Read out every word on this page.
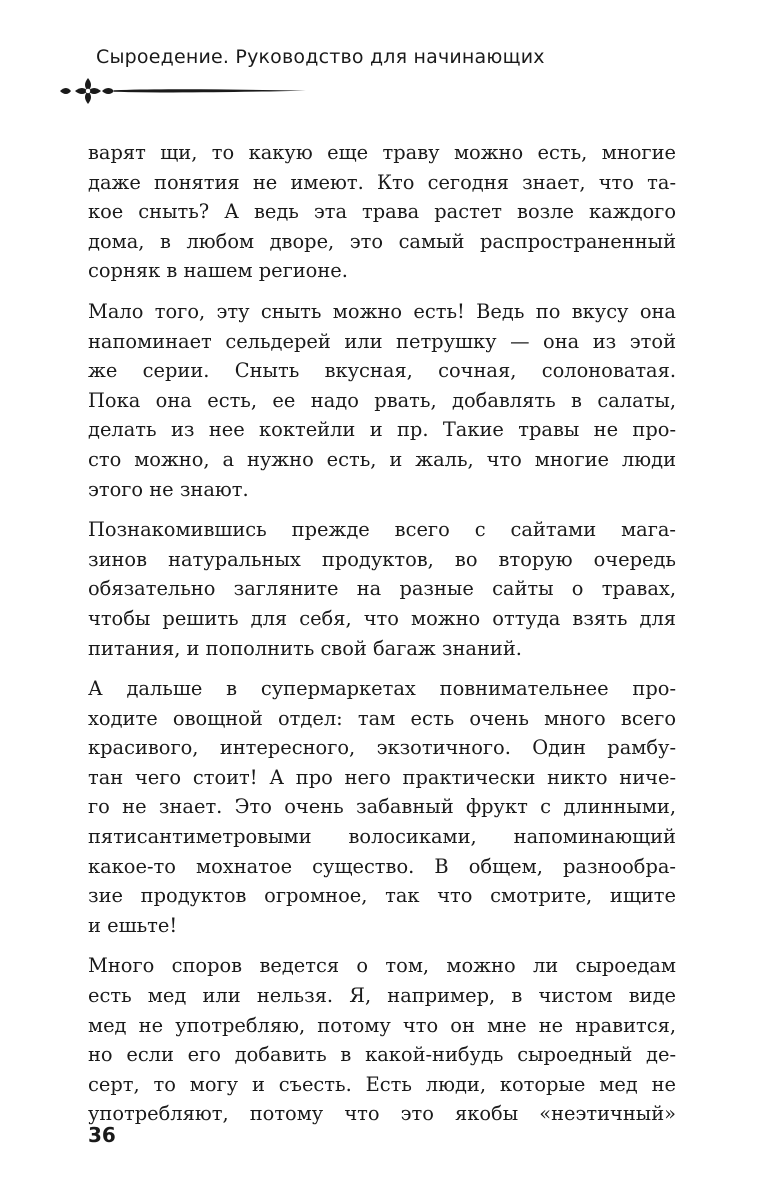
Сыроедение. Руководство для начинающих

варят щи, то какую еще траву можно есть, многие
даже понятия не имеют. Кто сегодня знает, что та-
кое сныть? А ведь эта трава растет возле каждого
дома, в любом дворе, это самый распространенный
сорняк в нашем регионе.

Мало того, эту сныть можно есть! Ведь по вкусу она
напоминает сельдерей или петрушку — она из этой
же серии. Сныть вкусная, сочная, солоноватая.
Пока она есть, ее надо рвать, добавлять в салаты,
делать из нее коктейли и пр. Такие травы не про-
сто можно, а нужно есть, и жаль, что многие люди
этого не знают.

Познакомившись прежде всего с сайтами мага-
зинов натуральных продуктов, во вторую очередь
обязательно загляните на разные сайты о травах,
чтобы решить для себя, что можно оттуда взять для
питания, и пополнить свой багаж знаний.

А дальше в супермаркетах повнимательнее про-
ходите овощной отдел: там есть очень много всего
красивого, интересного, экзотичного. Один рамбу-
тан чего стоит! А про него практически никто ниче-
го не знает. Это очень забавный фрукт с длинными,
пятисантиметровыми волосиками, напоминающий
какое-то мохнатое существо. В общем, разнообра-
зие продуктов огромное, так что смотрите, ищите
и ешьте!

Много споров ведется о том, можно ли сыроедам
есть мед или нельзя. Я, например, в чистом виде
мед не употребляю, потому что он мне не нравится,
но если его добавить в какой-нибудь сыроедный де-
серт, то могу и съесть. Есть люди, которые мед не
употребляют, потому что это якобы «неэтичный»

36
